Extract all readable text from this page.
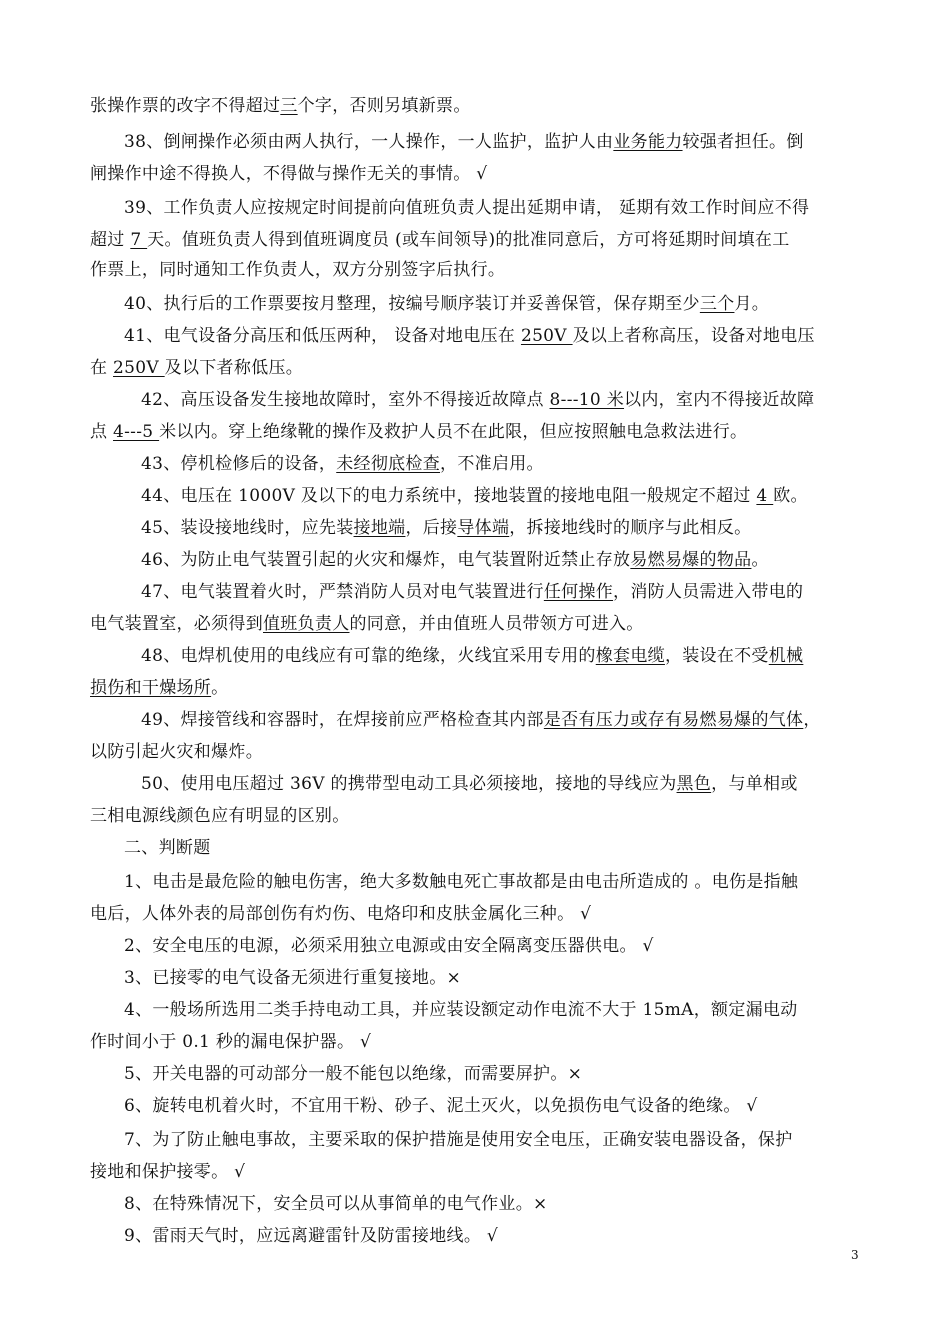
张操作票的改字不得超过三个字，否则另填新票。
38、倒闸操作必须由两人执行，一人操作，一人监护，监护人由业务能力较强者担任。倒
闸操作中途不得换人，不得做与操作无关的事情。 √
39、工作负责人应按规定时间提前向值班负责人提出延期申请， 延期有效工作时间应不得
超过 7 天。值班负责人得到值班调度员 (或车间领导)的批准同意后，方可将延期时间填在工
作票上，同时通知工作负责人，双方分别签字后执行。
40、执行后的工作票要按月整理，按编号顺序装订并妥善保管，保存期至少三个月。
41、电气设备分高压和低压两种， 设备对地电压在 250V 及以上者称高压，设备对地电压
在 250V 及以下者称低压。
42、高压设备发生接地故障时，室外不得接近故障点 8---10 米以内，室内不得接近故障
点 4---5 米以内。穿上绝缘靴的操作及救护人员不在此限，但应按照触电急救法进行。
43、停机检修后的设备，未经彻底检查，不准启用。
44、电压在 1000V 及以下的电力系统中，接地装置的接地电阻一般规定不超过 4 欧。
45、装设接地线时，应先装接地端，后接导体端，拆接地线时的顺序与此相反。
46、为防止电气装置引起的火灾和爆炸，电气装置附近禁止存放易燃易爆的物品。
47、电气装置着火时，严禁消防人员对电气装置进行任何操作，消防人员需进入带电的
电气装置室，必须得到值班负责人的同意，并由值班人员带领方可进入。
48、电焊机使用的电线应有可靠的绝缘，火线宜采用专用的橡套电缆，装设在不受机械
损伤和干燥场所。
49、焊接管线和容器时，在焊接前应严格检查其内部是否有压力或存有易燃易爆的气体，
以防引起火灾和爆炸。
50、使用电压超过 36V 的携带型电动工具必须接地，接地的导线应为黑色，与单相或
三相电源线颜色应有明显的区别。
二、判断题
1、电击是最危险的触电伤害，绝大多数触电死亡事故都是由电击所造成的 。电伤是指触
电后，人体外表的局部创伤有灼伤、电烙印和皮肤金属化三种。 √
2、安全电压的电源，必须采用独立电源或由安全隔离变压器供电。 √
3、已接零的电气设备无须进行重复接地。×
4、一般场所选用二类手持电动工具，并应装设额定动作电流不大于 15mA，额定漏电动
作时间小于 0.1 秒的漏电保护器。 √
5、开关电器的可动部分一般不能包以绝缘，而需要屏护。×
6、旋转电机着火时，不宜用干粉、砂子、泥土灭火，以免损伤电气设备的绝缘。 √
7、为了防止触电事故，主要采取的保护措施是使用安全电压，正确安装电器设备，保护
接地和保护接零。 √
8、在特殊情况下，安全员可以从事简单的电气作业。×
9、雷雨天气时，应远离避雷针及防雷接地线。 √
3
